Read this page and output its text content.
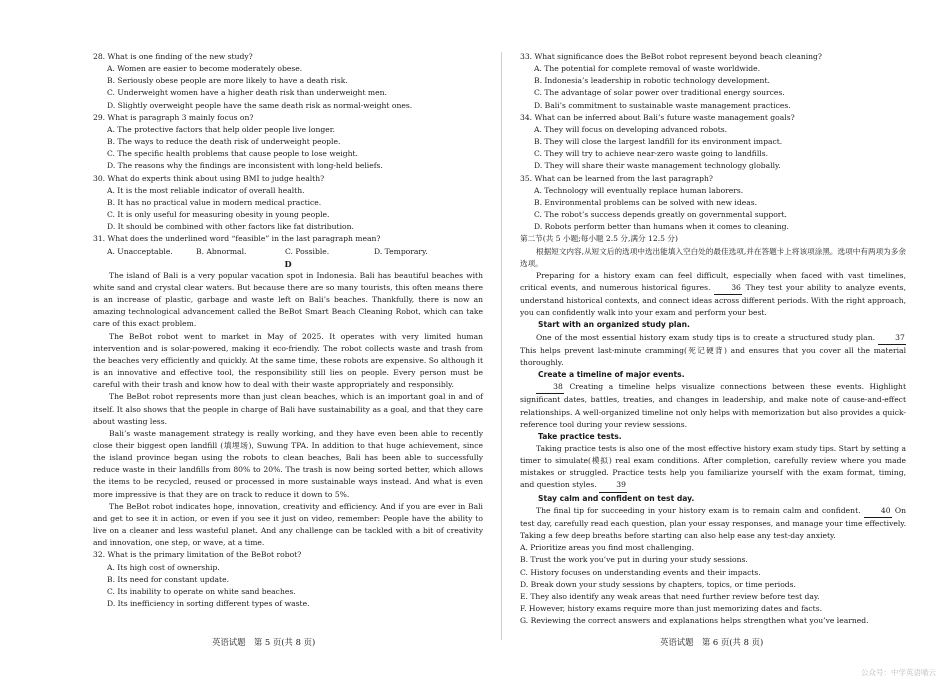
28. What is one finding of the new study?

A. Women are easier to become moderately obese.

B. Seriously obese people are more likely to have a death risk.

C. Underweight women have a higher death risk than underweight men.

D. Slightly overweight people have the same death risk as normal-weight ones.

29. What is paragraph 3 mainly focus on?

A. The protective factors that help older people live longer.

B. The ways to reduce the death risk of underweight people.

C. The specific health problems that cause people to lose weight.

D. The reasons why the findings are inconsistent with long-held beliefs.

30. What do experts think about using BMI to judge health?

A. It is the most reliable indicator of overall health.

B. It has no practical value in modern medical practice.

C. It is only useful for measuring obesity in young people.

D. It should be combined with other factors like fat distribution.

31. What does the underlined word “feasible” in the last paragraph mean?

A. Unacceptable.	B. Abnormal.	C. Possible.	D. Temporary.

D

The island of Bali is a very popular vacation spot in Indonesia. Bali has beautiful beaches with white sand and crystal clear waters. But because there are so many tourists, this often means there is an increase of plastic, garbage and waste left on Bali’s beaches. Thankfully, there is now an amazing technological advancement called the BeBot Smart Beach Cleaning Robot, which can take care of this exact problem.

The BeBot robot went to market in May of 2025. It operates with very limited human intervention and is solar-powered, making it eco-friendly. The robot collects waste and trash from the beaches very efficiently and quickly. At the same time, these robots are expensive. So although it is an innovative and effective tool, the responsibility still lies on people. Every person must be careful with their trash and know how to deal with their waste appropriately and responsibly.

The BeBot robot represents more than just clean beaches, which is an important goal in and of itself. It also shows that the people in charge of Bali have sustainability as a goal, and that they care about wasting less.

Bali’s waste management strategy is really working, and they have even been able to recently close their biggest open landfill (填埋场), Suwung TPA. In addition to that huge achievement, since the island province began using the robots to clean beaches, Bali has been able to successfully reduce waste in their landfills from 80% to 20%. The trash is now being sorted better, which allows the items to be recycled, reused or processed in more sustainable ways instead. And what is even more impressive is that they are on track to reduce it down to 5%.

The BeBot robot indicates hope, innovation, creativity and efficiency. And if you are ever in Bali and get to see it in action, or even if you see it just on video, remember: People have the ability to live on a cleaner and less wasteful planet. And any challenge can be tackled with a bit of creativity and innovation, one step, or wave, at a time.

32. What is the primary limitation of the BeBot robot?

A. Its high cost of ownership.

B. Its need for constant update.

C. Its inability to operate on white sand beaches.

D. Its inefficiency in sorting different types of waste.

33. What significance does the BeBot robot represent beyond beach cleaning?

A. The potential for complete removal of waste worldwide.

B. Indonesia’s leadership in robotic technology development.

C. The advantage of solar power over traditional energy sources.

D. Bali’s commitment to sustainable waste management practices.

34. What can be inferred about Bali’s future waste management goals?

A. They will focus on developing advanced robots.

B. They will close the largest landfill for its environment impact.

C. They will try to achieve near-zero waste going to landfills.

D. They will share their waste management technology globally.

35. What can be learned from the last paragraph?

A. Technology will eventually replace human laborers.

B. Environmental problems can be solved with new ideas.

C. The robot’s success depends greatly on governmental support.

D. Robots perform better than humans when it comes to cleaning.

第二节(共 5 小题;每小题 2.5 分,满分 12.5 分)

根据短文内容,从短文后的选项中选出能填入空白处的最佳选项,并在答题卡上将该项涂黑。选项中有两项为多余选项。

Preparing for a history exam can feel difficult, especially when faced with vast timelines, critical events, and numerous historical figures.	36 They test your ability to analyze events, understand historical contexts, and connect ideas across different periods. With the right approach, you can confidently walk into your exam and perform your best.

Start with an organized study plan.

One of the most essential history exam study tips is to create a structured study plan.	37 This helps prevent last-minute cramming(死记硬背) and ensures that you cover all the material thoroughly.

Create a timeline of major events.

38 Creating a timeline helps visualize connections between these events. Highlight significant dates, battles, treaties, and changes in leadership, and make note of cause-and-effect relationships. A well-organized timeline not only helps with memorization but also provides a quick-reference tool during your review sessions.

Take practice tests.

Taking practice tests is also one of the most effective history exam study tips. Start by setting a timer to simulate(模拟) real exam conditions. After completion, carefully review where you made mistakes or struggled. Practice tests help you familiarize yourself with the exam format, timing, and question styles.	39

Stay calm and confident on test day.

The final tip for succeeding in your history exam is to remain calm and confident.	40 On test day, carefully read each question, plan your essay responses, and manage your time effectively. Taking a few deep breaths before starting can also help ease any test-day anxiety.

A. Prioritize areas you find most challenging.

B. Trust the work you’ve put in during your study sessions.

C. History focuses on understanding events and their impacts.

D. Break down your study sessions by chapters, topics, or time periods.

E. They also identify any weak areas that need further review before test day.

F. However, history exams require more than just memorizing dates and facts.

G. Reviewing the correct answers and explanations helps strengthen what you’ve learned.

英语试题　第 5 页(共 8 页)	英语试题　第 6 页(共 8 页)
公众号：中学英语喵云
